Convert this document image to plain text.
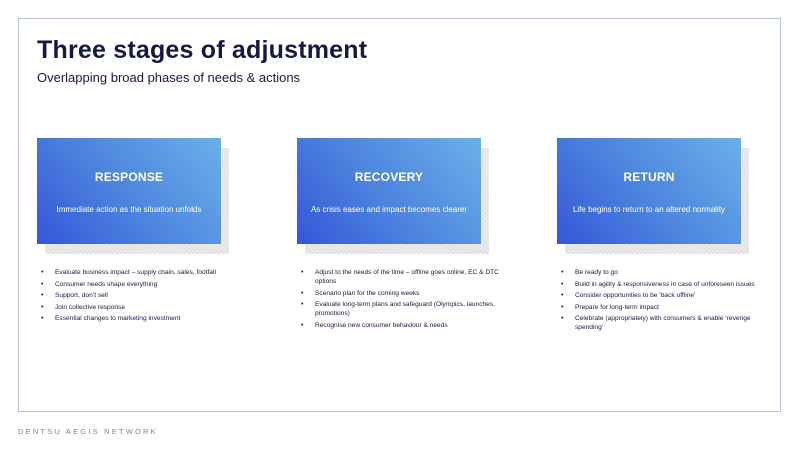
Three stages of adjustment

Overlapping broad phases of needs & actions

RESPONSE
Immediate action as the situation unfolds
• Evaluate business impact – supply chain, sales, footfall
• Consumer needs shape everything
• Support, don’t sell
• Join collective response
• Essential changes to marketing investment
RECOVERY
As crisis eases and impact becomes clearer
• Adjust to the needs of the time – offline goes online, EC & DTC options
• Scenario plan for the coming weeks
• Evaluate long-term plans and safeguard (Olympics, launches, promotions)
• Recognise new consumer behaviour & needs
RETURN
Life begins to return to an altered normality
• Be ready to go
• Build in agility & responsiveness in case of unforeseen issues
• Consider opportunities to be ‘back offline’
• Prepare for long-term impact
• Celebrate (appropriately) with consumers & enable ‘revenge spending’
DENTSU AEGIS NETWORK
